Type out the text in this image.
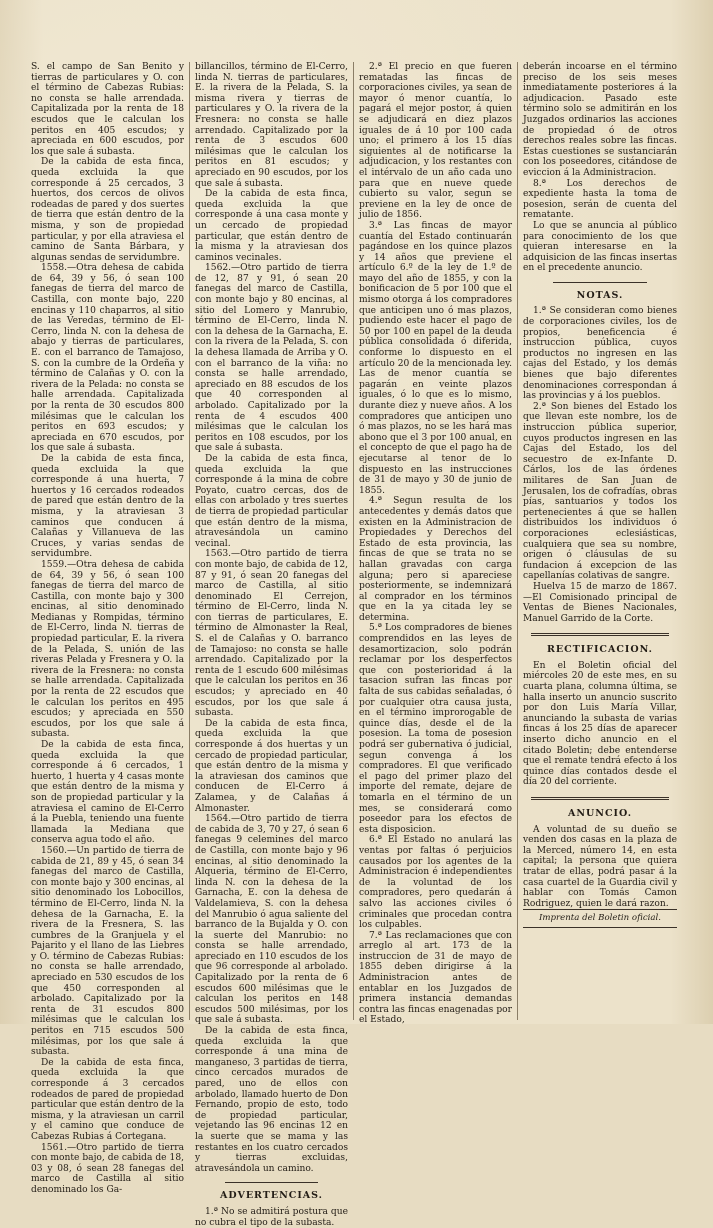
S. el campo de San Benito y tierras de particulares y O. con el término de Cabezas Rubias: no consta se halle arrendada. Capitalizada por la renta de 18 escudos que le calculan los peritos en 405 escudos; y apreciada en 600 escudos, por los que sale á subasta.

De la cabida de esta finca, queda excluida la que corresponde á 25 cercados, 3 huertos, dos cercos de olivos rodeadas de pared y dos suertes de tierra que están dentro de la misma, y son de propiedad particular, y por ella atraviesa el camino de Santa Bárbara, y algunas sendas de servidumbre.

1558.—Otra dehesa de cabida de 64, 39 y 56, ó sean 100 fanegas de tierra del marco de Castilla, con monte bajo, 220 encinas y 110 chaparros, al sitio de las Veredas, término de El-Cerro, linda N. con la dehesa de abajo y tierras de particulares, E. con el barranco de Tamajoso, S. con la cumbre de la Ordeña y término de Calañas y O. con la rivera de la Pelada: no consta se halle arrendada. Capitalizada por la renta de 30 escudos 800 milésimas que le calculan los peritos en 693 escudos; y apreciada en 670 escudos, por los que sale á subasta.

De la cabida de esta finca, queda excluida la que corresponde á una huerta, 7 huertos y 16 cercados rodeados de pared que están dentro de la misma, y la atraviesan 3 caminos que conducen á Calañas y Villanueva de las Cruces, y varias sendas de servidumbre.

1559.—Otra dehesa de cabida de 64, 39 y 56, ó sean 100 fanegas de tierra del marco de Castilla, con monte bajo y 300 encinas, al sitio denominado Medianas y Rompidas, término de El-Cerro, linda N. tierras de propiedad particular, E. la rivera de la Pelada, S. unión de las riveras Pelada y Fresnera y O. la rivera de la Fresnera: no consta se halle arrendada. Capitalizada por la renta de 22 escudos que le calculan los peritos en 495 escudos; y apreciada en 550 escudos, por los que sale á subasta.

De la cabida de esta finca, queda excluida la que corresponde á 6 cercados, 1 huerto, 1 huerta y 4 casas monte que están dentro de la misma y son de propiedad particular y la atraviesa el camino de El-Cerro á la Puebla, teniendo una fuente llamada la Mediana que conserva agua todo el año.

1560.—Un partido de tierra de cabida de 21, 89 y 45, ó sean 34 fanegas del marco de Castilla, con monte bajo y 300 encinas, al sitio denominado los Lobocillos, término de El-Cerro, linda N. la dehesa de la Garnacha, E. la rivera de la Fresnera, S. las cumbres de la Granjuela y el Pajarito y el llano de las Liebres y O. término de Cabezas Rubias: no consta se halle arrendado, apreciado en 530 escudos de los que 450 corresponden al arbolado. Capitalizado por la renta de 31 escudos 800 milésimas que le calculan los peritos en 715 escudos 500 milésimas, por los que sale á subasta.

De la cabida de esta finca, queda excluida la que corresponde á 3 cercados rodeados de pared de propiedad particular que están dentro de la misma, y la atraviesan un carril y el camino que conduce de Cabezas Rubias á Cortegana.

1561.—Otro partido de tierra con monte bajo, de cabida de 18, 03 y 08, ó sean 28 fanegas del marco de Castilla al sitio denominado los Ga-

billancillos, término de El-Cerro, linda N. tierras de particulares, E. la rivera de la Pelada, S. la misma rivera y tierras de particulares y O. la rivera de la Fresnera: no consta se halle arrendado. Capitalizado por la renta de 3 escudos 600 milésimas que le calculan los peritos en 81 escudos; y apreciado en 90 escudos, por los que sale á subasta.

De la cabida de esta finca, queda excluida la que corresponde á una casa monte y un cercado de propiedad particular, que están dentro de la misma y la atraviesan dos caminos vecinales.

1562.—Otro partido de tierra de 12, 87 y 91, ó sean 20 fanegas del marco de Castilla, con monte bajo y 80 encinas, al sitio del Lomero y Manrubio, término de El-Cerro, linda N. con la dehesa de la Garnacha, E. con la rivera de la Pelada, S. con la dehesa llamada de Arriba y O. con el barranco de la viña: no consta se halle arrendado, apreciado en 88 escudos de los que 40 corresponden al arbolado. Capitalizado por la renta de 4 escudos 400 milésimas que le calculan los peritos en 108 escudos, por los que sale á subasta.

De la cabida de esta finca, queda excluida la que corresponde á la mina de cobre Poyato, cuatro cercas, dos de ellas con arbolado y tres suertes de tierra de propiedad particular que están dentro de la misma, atravesándola un camino vecinal.

1563.—Otro partido de tierra con monte bajo, de cabida de 12, 87 y 91, ó sean 20 fanegas del marco de Castilla, al sitio denominado El Cerrejon, término de El-Cerro, linda N. con tierras de particulares, E. término de Almonaster la Real, S. el de Calañas y O. barranco de Tamajoso: no consta se halle arrendado. Capitalizado por la renta de 1 escudo 600 milésimas que le calculan los peritos en 36 escudos; y apreciado en 40 escudos, por los que sale á subasta.

De la cabida de esta finca, queda excluida la que corresponde á dos huertas y un cercado de propiedad particular, que están dentro de la misma y la atraviesan dos caminos que conducen de El-Cerro á Zalamea, y de Calañas á Almonaster.

1564.—Otro partido de tierra de cabida de 3, 70 y 27, ó sean 6 fanegas 9 celemines del marco de Castilla, con monte bajo y 96 encinas, al sitio denominado la Alqueria, término de El-Cerro, linda N. con la dehesa de la Garnacha, E. con la dehesa de Valdelamieva, S. con la dehesa del Manrubio ó agua salientе del barranco de la Bujalda y O. con la suerte del Manrubio: no consta se halle arrendado, apreciado en 110 escudos de los que 96 corresponde al arbolado. Capitalizado por la renta de 6 escudos 600 milésimas que le calculan los peritos en 148 escudos 500 milésimas, por los que sale á subasta.

De la cabida de esta finca, queda excluida la que corresponde á una mina de manganeso, 3 partidas de tierra, cinco cercados murados de pared, uno de ellos con arbolado, llamado huerto de Don Fernando, propio de esto, todo de propiedad particular, vejetando las 96 encinas 12 en la suerte que se mama y las restantes en los cuatro cercados y tierras excluidas, atravesándola un camino.

ADVERTENCIAS.

1.ª No se admitirá postura que no cubra el tipo de la subasta.

2.ª El precio en que fueren rematadas las fincas de corporaciones civiles, ya sean de mayor ó menor cuantía, lo pagará el mejor postor, á quien se adjudicará en diez plazos iguales de á 10 por 100 cada uno; el primero á los 15 días siguientes al de notificarse la adjudicacion, y los restantes con el intérvalo de un año cada uno para que en nueve quede cubierto su valor, segun se previene en la ley de once de julio de 1856.

3.ª Las fincas de mayor cuantía del Estado continuarán pagándose en los quince plazos y 14 años que previene el artículo 6.º de la ley de 1.º de mayo del año de 1855, y con la bonificacion de 5 por 100 que el mismo otorga á los compradores que anticipen uno ó mas plazos, pudiendo este hacer el pago de 50 por 100 en papel de la deuda pública consolidada ó diferida, conforme lo dispuesto en el artículo 20 de la mencionada ley. Las de menor cuantía se pagarán en veinte plazos iguales, ó lo que es lo mismo, durante diez y nueve años. A los compradores que anticipen uno ó mas plazos, no se les hará mas abono que el 3 por 100 anual, en el concepto de que el pago ha de ejecutarse al tenor de lo dispuesto en las instrucciones de 31 de mayo y 30 de junio de 1855.

4.ª Segun resulta de los antecedentes y demás datos que existen en la Administracion de Propiedades y Derechos del Estado de esta provincia, las fincas de que se trata no se hallan gravadas con carga alguna; pero si apareciese posteriormente, se indemnizará al comprador en los términos que en la ya citada ley se determina.

5.ª Los compradores de bienes comprendidos en las leyes de desamortizacion, solo podrán reclamar por los desperfectos que con posterioridad á la tasacion sufran las fincas por falta de sus cabidas señaladas, ó por cualquier otra causa justa, en el término improrogable de quince días, desde el de la posesion. La toma de posesion podrá ser gubernativa ó judicial, segun convenga á los compradores. El que verificado el pago del primer plazo del importe del remate, dejare de tomarla en el término de un mes, se considerará como poseedor para los efectos de esta disposicion.

6.ª El Estado no anulará las ventas por faltas ó perjuicios causados por los agentes de la Administracion é independientes de la voluntad de los compradores, pero quedarán á salvo las acciones civiles ó criminales que procedan contra los culpables.

7.ª Las reclamaciones que con arreglo al art. 173 de la instruccion de 31 de mayo de 1855 deben dirigirse á la Administracion antes de entablar en los Juzgados de primera instancia demandas contra las fincas enagenadas por el Estado,

deberán incoarse en el término preciso de los seis meses inmediatamente posteriores á la adjudicacion. Pasado este término solo se admitirán en los Juzgados ordinarios las acciones de propiedad ó de otros derechos reales sobre las fincas. Estas cuestiones se sustanciarán con los poseedores, citándose de eviccion á la Administracion.

8.ª Los derechos de expediente hasta la toma de posesion, serán de cuenta del rematante.

Lo que se anuncia al público para conocimiento de los que quieran interesarse en la adquisicion de las fincas insertas en el precedente anuncio.

NOTAS.

1.ª Se consideran como bienes de corporaciones civiles, los de propios, beneficencia é instruccion pública, cuyos productos no ingresen en las cajas del Estado, y los demás bienes que bajo diferentes denominaciones correspondan á las provincias y á los pueblos.

2.ª Son bienes del Estado los que llevan este nombre, los de instruccion pública superior, cuyos productos ingresen en las Cajas del Estado, los del secuestro de ex-Infante D. Cárlos, los de las órdenes militares de San Juan de Jerusalen, los de cofradías, obras pías, santuarios y todos los pertenecientes á que se hallen distribuidos los individuos ó corporaciones eclesiásticas, cualquiera que sea su nombre, origen ó cláusulas de su fundacion á excepcion de las capellanías colativas de sangre.

Huelva 15 de marzo de 1867.—El Comisionado principal de Ventas de Bienes Nacionales, Manuel Garrido de la Corte.

RECTIFICACION.

En el Boletin oficial del miércoles 20 de este mes, en su cuarta plana, columna última, se halla inserto un anuncio suscrito por don Luis María Villar, anunciando la subasta de varias fincas á los 25 días de aparecer inserto dicho anuncio en el citado Boletin; debe entenderse que el remate tendrá efecto á los quince días contados desde el día 20 del corriente.

ANUNCIO.

A voluntad de su dueño se venden dos casas en la plaza de la Merced, número 14, en esta capital; la persona que quiera tratar de ellas, podrá pasar á la casa cuartel de la Guardia civil y hablar con Tomás Camon Rodriguez, quien le dará razon.

Imprenta del Boletin oficial.
